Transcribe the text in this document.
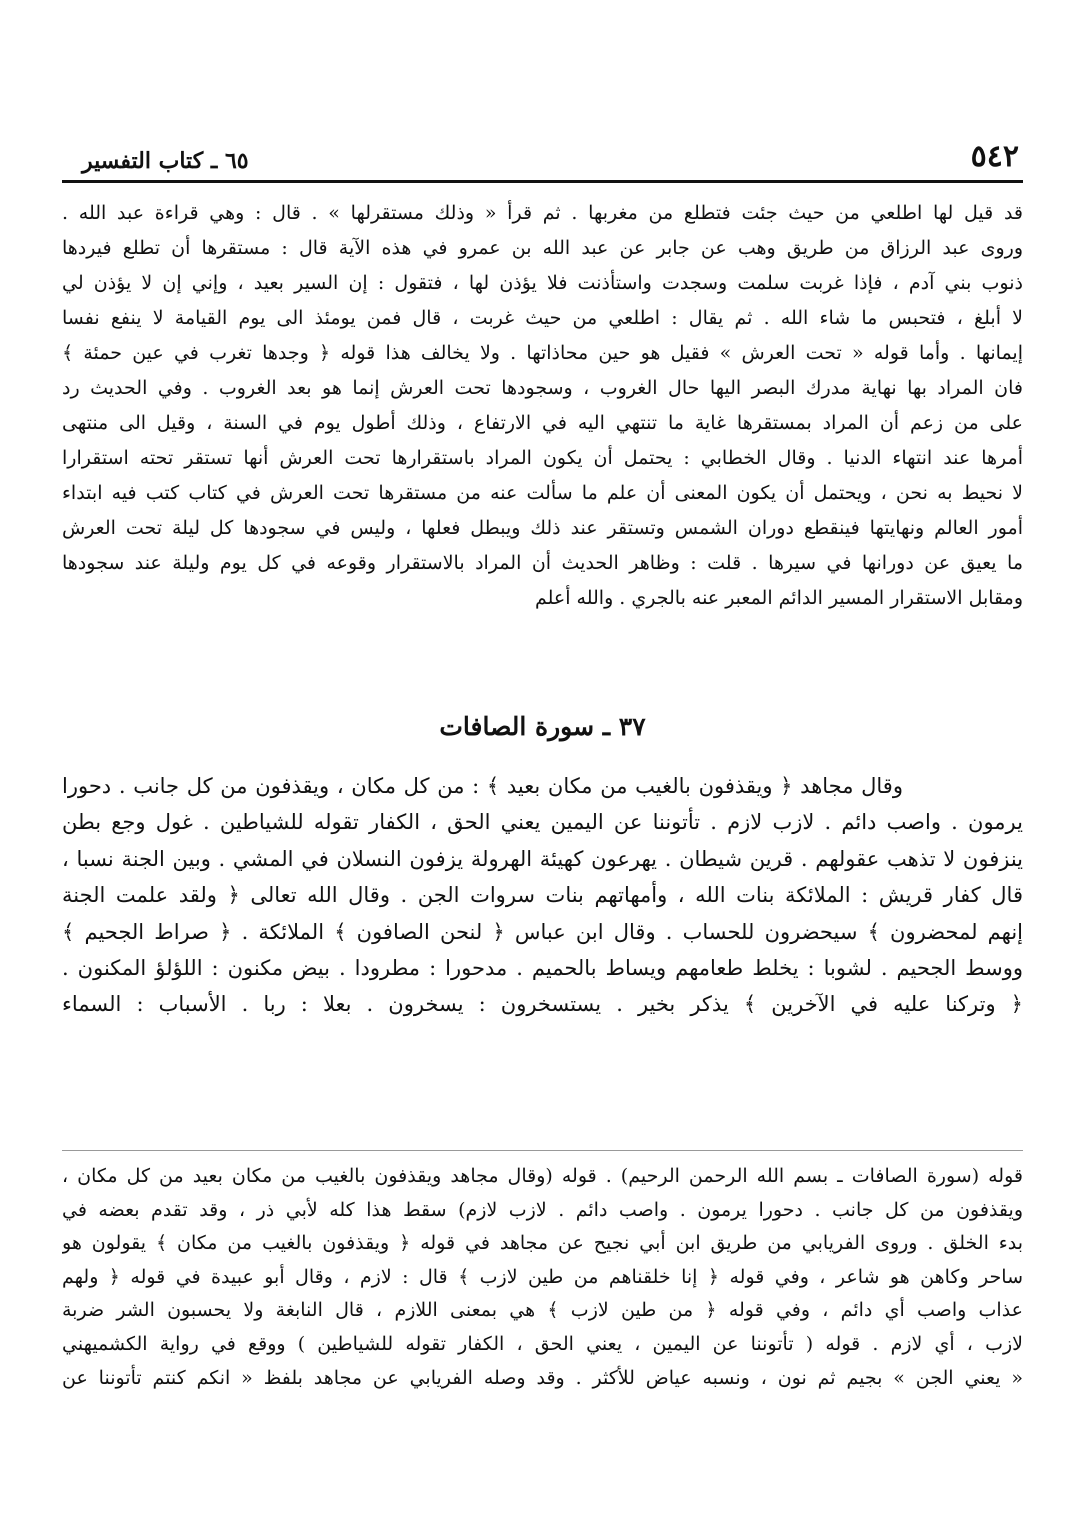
٥٤٢
٦٥ ـ كتاب التفسير
قد قيل لها اطلعي من حيث جئت فتطلع من مغربها . ثم قرأ « وذلك مستقرلها » . قال : وهي قراءة عبد الله .
وروى عبد الرزاق من طريق وهب عن جابر عن عبد الله بن عمرو في هذه الآية قال : مستقرها أن تطلع فيردها
ذنوب بني آدم ، فإذا غربت سلمت وسجدت واستأذنت فلا يؤذن لها ، فتقول : إن السير بعيد ، وإني إن لا يؤذن لي
لا أبلغ ، فتحبس ما شاء الله . ثم يقال : اطلعي من حيث غربت ، قال فمن يومئذ الى يوم القيامة لا ينفع نفسا
إيمانها . وأما قوله « تحت العرش » فقيل هو حين محاذاتها . ولا يخالف هذا قوله ﴿ وجدها تغرب في عين حمئة ﴾
فان المراد بها نهاية مدرك البصر اليها حال الغروب ، وسجودها تحت العرش إنما هو بعد الغروب . وفي الحديث رد
على من زعم أن المراد بمستقرها غاية ما تنتهي اليه في الارتفاع ، وذلك أطول يوم في السنة ، وقيل الى منتهى
أمرها عند انتهاء الدنيا . وقال الخطابي : يحتمل أن يكون المراد باستقرارها تحت العرش أنها تستقر تحته استقرارا
لا نحيط به نحن ، ويحتمل أن يكون المعنى أن علم ما سألت عنه من مستقرها تحت العرش في كتاب كتب فيه ابتداء
أمور العالم ونهايتها فينقطع دوران الشمس وتستقر عند ذلك ويبطل فعلها ، وليس في سجودها كل ليلة تحت العرش
ما يعيق عن دورانها في سيرها . قلت : وظاهر الحديث أن المراد بالاستقرار وقوعه في كل يوم وليلة عند سجودها
ومقابل الاستقرار المسير الدائم المعبر عنه بالجري . والله أعلم
٣٧ ـ سورة الصافات
وقال مجاهد ﴿ ويقذفون بالغيب من مكان بعيد ﴾ : من كل مكان ، ويقذفون من كل جانب . دحورا
يرمون . واصب دائم . لازب لازم . تأتوننا عن اليمين يعني الحق ، الكفار تقوله للشياطين . غول وجع بطن
ينزفون لا تذهب عقولهم . قرين شيطان . يهرعون كهيئة الهرولة يزفون النسلان في المشي . وبين الجنة نسبا ،
قال كفار قريش : الملائكة بنات الله ، وأمهاتهم بنات سروات الجن . وقال الله تعالى ﴿ ولقد علمت الجنة
إنهم لمحضرون ﴾ سيحضرون للحساب . وقال ابن عباس ﴿ لنحن الصافون ﴾ الملائكة . ﴿ صراط الجحيم ﴾
ووسط الجحيم . لشوبا : يخلط طعامهم ويساط بالحميم . مدحورا : مطرودا . بيض مكنون : اللؤلؤ المكنون .
﴿ وتركنا عليه في الآخرين ﴾ يذكر بخير . يستسخرون : يسخرون . بعلا : ربا . الأسباب : السماء
قوله (سورة الصافات ـ بسم الله الرحمن الرحيم) . قوله (وقال مجاهد ويقذفون بالغيب من مكان بعيد من كل مكان ،
ويقذفون من كل جانب . دحورا يرمون . واصب دائم . لازب لازم) سقط هذا كله لأبي ذر ، وقد تقدم بعضه في
بدء الخلق . وروى الفريابي من طريق ابن أبي نجيح عن مجاهد في قوله ﴿ ويقذفون بالغيب من مكان ﴾ يقولون هو
ساحر وكاهن هو شاعر ، وفي قوله ﴿ إنا خلقناهم من طين لازب ﴾ قال : لازم ، وقال أبو عبيدة في قوله ﴿ ولهم
عذاب واصب أي دائم ، وفي قوله ﴿ من طين لازب ﴾ هي بمعنى اللازم ، قال النابغة ولا يحسبون الشر ضربة
لازب ، أي لازم . قوله ( تأتوننا عن اليمين ، يعني الحق ، الكفار تقوله للشياطين ) ووقع في رواية الكشميهني
« يعني الجن » بجيم ثم نون ، ونسبه عياض للأكثر . وقد وصله الفريابي عن مجاهد بلفظ « انكم كنتم تأتوننا عن
